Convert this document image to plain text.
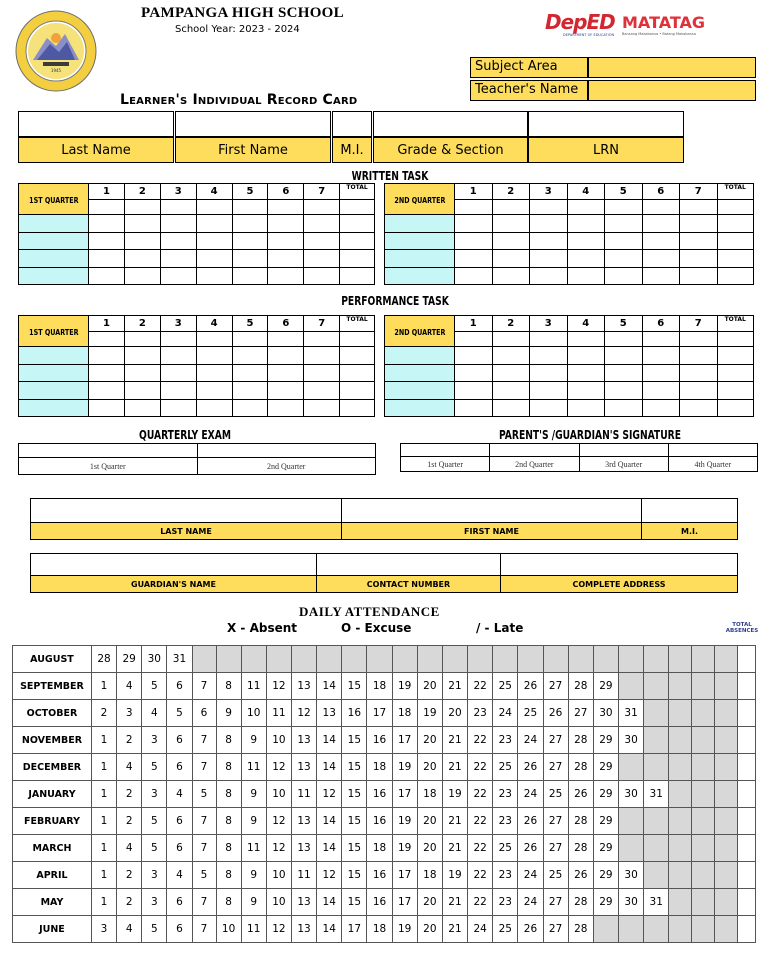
1945
PAMPANGA HIGH SCHOOL
School Year: 2023 - 2024	DepED
DEPARTMENT OF EDUCATION
MATATAG
Bansang Makabansa • Batang Makabansa
Subject Area
Teacher's Name
Learner's Individual Record Card
Last Name	First Name	M.I.	Grade & Section	LRN
WRITTEN TASK
1ST QUARTER	1	2	3	4	5	6	7	TOTAL

2ND QUARTER	1	2	3	4	5	6	7	TOTAL

PERFORMANCE TASK
1ST QUARTER	1	2	3	4	5	6	7	TOTAL

2ND QUARTER	1	2	3	4	5	6	7	TOTAL

QUARTERLY EXAM

1st Quarter	2nd Quarter
PARENT'S /GUARDIAN'S SIGNATURE

1st Quarter	2nd Quarter	3rd Quarter	4th Quarter

LAST NAME	FIRST NAME	M.I.

GUARDIAN'S NAME	CONTACT NUMBER	COMPLETE ADDRESS
DAILY ATTENDANCE
X - Absent	O - Excuse	/ - Late	TOTAL
ABSENCES
AUGUST	28	29	30	31																							
SEPTEMBER	1	4	5	6	7	8	11	12	13	14	15	18	19	20	21	22	25	26	27	28	29						
OCTOBER	2	3	4	5	6	9	10	11	12	13	16	17	18	19	20	23	24	25	26	27	30	31					
NOVEMBER	1	2	3	6	7	8	9	10	13	14	15	16	17	20	21	22	23	24	27	28	29	30					
DECEMBER	1	4	5	6	7	8	11	12	13	14	15	18	19	20	21	22	25	26	27	28	29						
JANUARY	1	2	3	4	5	8	9	10	11	12	15	16	17	18	19	22	23	24	25	26	29	30	31				
FEBRUARY	1	2	5	6	7	8	9	12	13	14	15	16	19	20	21	22	23	26	27	28	29						
MARCH	1	4	5	6	7	8	11	12	13	14	15	18	19	20	21	22	25	26	27	28	29						
APRIL	1	2	3	4	5	8	9	10	11	12	15	16	17	18	19	22	23	24	25	26	29	30					
MAY	1	2	3	6	7	8	9	10	13	14	15	16	17	20	21	22	23	24	27	28	29	30	31				
JUNE	3	4	5	6	7	10	11	12	13	14	17	18	19	20	21	24	25	26	27	28							
